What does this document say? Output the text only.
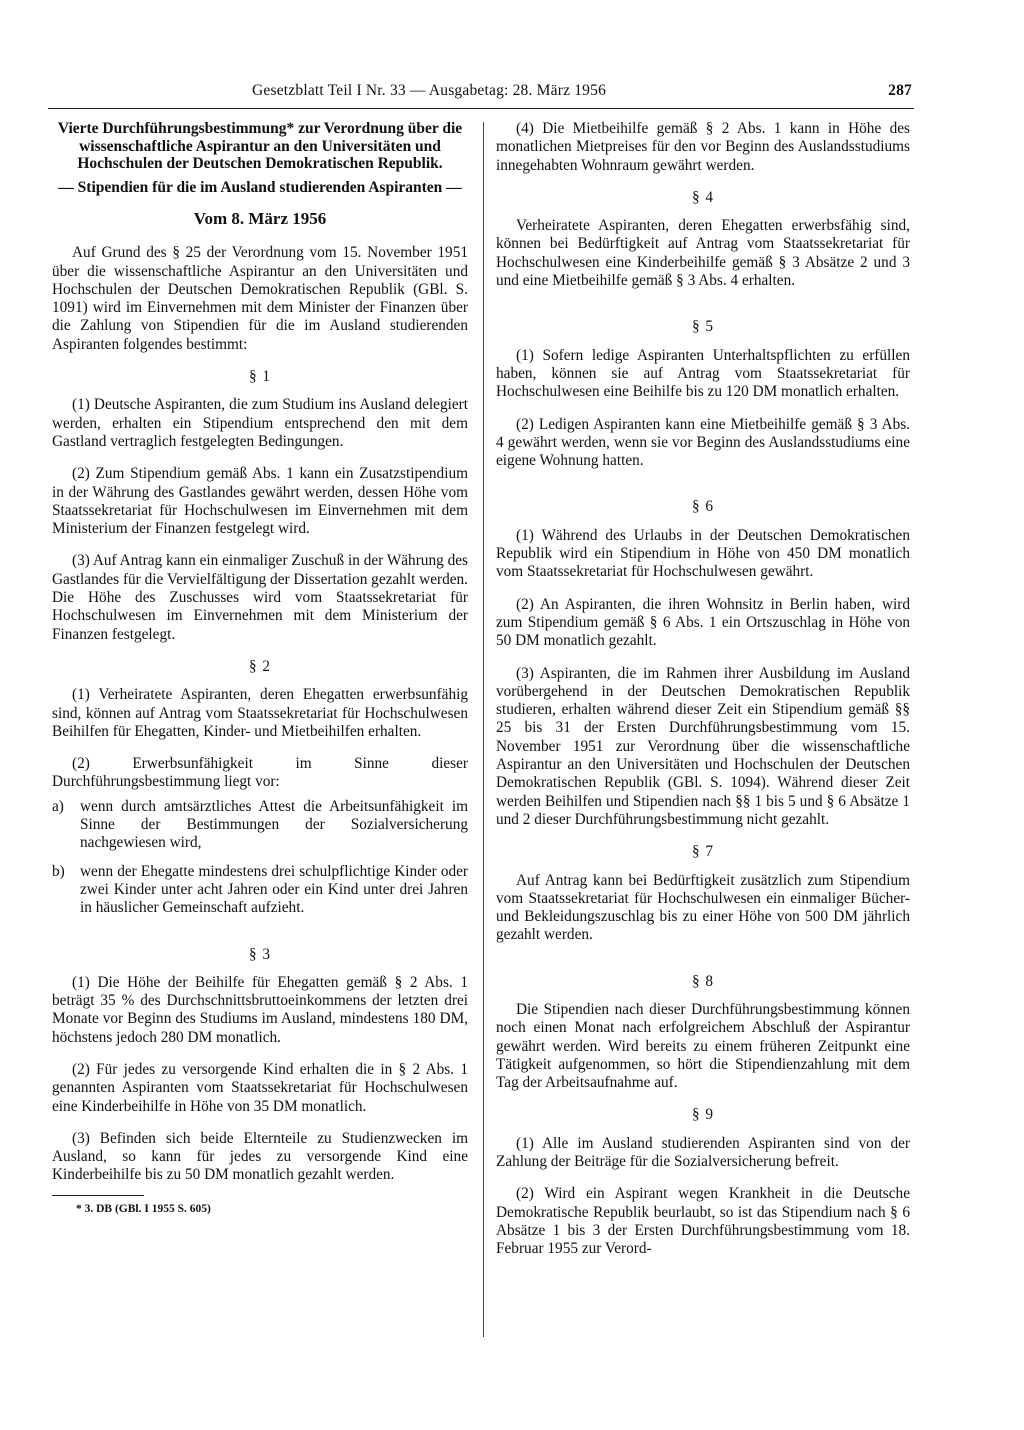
Gesetzblatt Teil I Nr. 33 — Ausgabetag: 28. März 1956	287
Vierte Durchführungsbestimmung* zur Verordnung über die wissenschaftliche Aspirantur an den Universitäten und Hochschulen der Deutschen Demokratischen Republik.
— Stipendien für die im Ausland studierenden Aspiranten —
Vom 8. März 1956

Auf Grund des § 25 der Verordnung vom 15. November 1951 über die wissenschaftliche Aspirantur an den Universitäten und Hochschulen der Deutschen Demokratischen Republik (GBl. S. 1091) wird im Einvernehmen mit dem Minister der Finanzen über die Zahlung von Stipendien für die im Ausland studierenden Aspiranten folgendes bestimmt:

§ 1

(1) Deutsche Aspiranten, die zum Studium ins Ausland delegiert werden, erhalten ein Stipendium entsprechend den mit dem Gastland vertraglich festgelegten Bedingungen.

(2) Zum Stipendium gemäß Abs. 1 kann ein Zusatzstipendium in der Währung des Gastlandes gewährt werden, dessen Höhe vom Staatssekretariat für Hochschulwesen im Einvernehmen mit dem Ministerium der Finanzen festgelegt wird.

(3) Auf Antrag kann ein einmaliger Zuschuß in der Währung des Gastlandes für die Vervielfältigung der Dissertation gezahlt werden. Die Höhe des Zuschusses wird vom Staatssekretariat für Hochschulwesen im Einvernehmen mit dem Ministerium der Finanzen festgelegt.

§ 2

(1) Verheiratete Aspiranten, deren Ehegatten erwerbsunfähig sind, können auf Antrag vom Staatssekretariat für Hochschulwesen Beihilfen für Ehegatten, Kinder- und Mietbeihilfen erhalten.

(2) Erwerbsunfähigkeit im Sinne dieser Durchführungsbestimmung liegt vor:

a)	wenn durch amtsärztliches Attest die Arbeitsunfähigkeit im Sinne der Bestimmungen der Sozialversicherung nachgewiesen wird,
b) wenn der Ehegatte mindestens drei schulpflichtige Kinder oder zwei Kinder unter acht Jahren oder ein Kind unter drei Jahren in häuslicher Gemeinschaft aufzieht.
§ 3

(1) Die Höhe der Beihilfe für Ehegatten gemäß § 2 Abs. 1 beträgt 35 % des Durchschnittsbruttoeinkommens der letzten drei Monate vor Beginn des Studiums im Ausland, mindestens 180 DM, höchstens jedoch 280 DM monatlich.

(2) Für jedes zu versorgende Kind erhalten die in § 2 Abs. 1 genannten Aspiranten vom Staatssekretariat für Hochschulwesen eine Kinderbeihilfe in Höhe von 35 DM monatlich.

(3) Befinden sich beide Elternteile zu Studienzwecken im Ausland, so kann für jedes zu versorgende Kind eine Kinderbeihilfe bis zu 50 DM monatlich gezahlt werden.

* 3. DB (GBl. I 1955 S. 605)

(4) Die Mietbeihilfe gemäß § 2 Abs. 1 kann in Höhe des monatlichen Mietpreises für den vor Beginn des Auslandsstudiums innegehabten Wohnraum gewährt werden.

§ 4

Verheiratete Aspiranten, deren Ehegatten erwerbsfähig sind, können bei Bedürftigkeit auf Antrag vom Staatssekretariat für Hochschulwesen eine Kinderbeihilfe gemäß § 3 Absätze 2 und 3 und eine Mietbeihilfe gemäß § 3 Abs. 4 erhalten.

§ 5

(1) Sofern ledige Aspiranten Unterhaltspflichten zu erfüllen haben, können sie auf Antrag vom Staatssekretariat für Hochschulwesen eine Beihilfe bis zu 120 DM monatlich erhalten.

(2) Ledigen Aspiranten kann eine Mietbeihilfe gemäß § 3 Abs. 4 gewährt werden, wenn sie vor Beginn des Auslandsstudiums eine eigene Wohnung hatten.

§ 6

(1) Während des Urlaubs in der Deutschen Demokratischen Republik wird ein Stipendium in Höhe von 450 DM monatlich vom Staatssekretariat für Hochschulwesen gewährt.

(2) An Aspiranten, die ihren Wohnsitz in Berlin haben, wird zum Stipendium gemäß § 6 Abs. 1 ein Ortszuschlag in Höhe von 50 DM monatlich gezahlt.

(3) Aspiranten, die im Rahmen ihrer Ausbildung im Ausland vorübergehend in der Deutschen Demokratischen Republik studieren, erhalten während dieser Zeit ein Stipendium gemäß §§ 25 bis 31 der Ersten Durchführungsbestimmung vom 15. November 1951 zur Verordnung über die wissenschaftliche Aspirantur an den Universitäten und Hochschulen der Deutschen Demokratischen Republik (GBl. S. 1094). Während dieser Zeit werden Beihilfen und Stipendien nach §§ 1 bis 5 und § 6 Absätze 1 und 2 dieser Durchführungsbestimmung nicht gezahlt.

§ 7

Auf Antrag kann bei Bedürftigkeit zusätzlich zum Stipendium vom Staatssekretariat für Hochschulwesen ein einmaliger Bücher- und Bekleidungszuschlag bis zu einer Höhe von 500 DM jährlich gezahlt werden.

§ 8

Die Stipendien nach dieser Durchführungsbestimmung können noch einen Monat nach erfolgreichem Abschluß der Aspirantur gewährt werden. Wird bereits zu einem früheren Zeitpunkt eine Tätigkeit aufgenommen, so hört die Stipendienzahlung mit dem Tag der Arbeitsaufnahme auf.

§ 9

(1) Alle im Ausland studierenden Aspiranten sind von der Zahlung der Beiträge für die Sozialversicherung befreit.

(2) Wird ein Aspirant wegen Krankheit in die Deutsche Demokratische Republik beurlaubt, so ist das Stipendium nach § 6 Absätze 1 bis 3 der Ersten Durchführungsbestimmung vom 18. Februar 1955 zur Verord-
